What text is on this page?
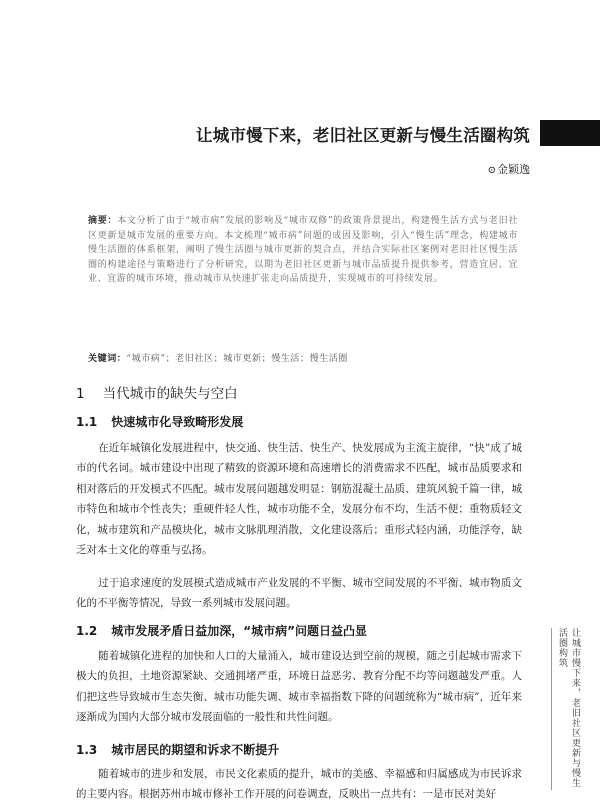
让城市慢下来，老旧社区更新与慢生活圈构筑
⊙金颖逸
摘要：本文分析了由于“城市病”发展的影响及“城市双修”的政策背景提出，构建慢生活方式与老旧社区更新是城市发展的重要方向。本文梳理“城市病”问题的成因及影响，引入“慢生活”理念，构建城市慢生活圈的体系框架，阐明了慢生活圈与城市更新的契合点，并结合实际社区案例对老旧社区慢生活圈的构建途径与策略进行了分析研究，以期为老旧社区更新与城市品质提升提供参考，营造宜居、宜业、宜游的城市环境，推动城市从快速扩张走向品质提升，实现城市的可持续发展。
关键词：“城市病”；老旧社区；城市更新；慢生活；慢生活圈
1 当代城市的缺失与空白
1.1 快速城市化导致畸形发展
在近年城镇化发展进程中，快交通、快生活、快生产、快发展成为主流主旋律，“快”成了城市的代名词。城市建设中出现了精致的资源环境和高速增长的消费需求不匹配，城市品质要求和相对落后的开发模式不匹配。城市发展问题越发明显：钢筋混凝土品质、建筑风貌千篇一律，城市特色和城市个性丧失；重硬件轻人性，城市功能不全，发展分布不均，生活不便；重物质轻文化，城市建筑和产品模块化，城市文脉肌理消散，文化建设落后；重形式轻内涵，功能浮夸，缺乏对本土文化的尊重与弘扬。
过于追求速度的发展模式造成城市产业发展的不平衡、城市空间发展的不平衡、城市物质文化的不平衡等情况，导致一系列城市发展问题。
1.2 城市发展矛盾日益加深，“城市病”问题日益凸显
随着城镇化进程的加快和人口的大量涌入，城市建设达到空前的规模，随之引起城市需求下极大的负担，土地资源紧缺、交通拥堵严重，环境日益恶劣、教育分配不均等问题越发严重。人们把这些导致城市生态失衡、城市功能失调、城市幸福指数下降的问题统称为“城市病”，近年来逐渐成为国内大部分城市发展面临的一般性和共性问题。
1.3 城市居民的期望和诉求不断提升
随着城市的进步和发展，市民文化素质的提升，城市的美感、幸福感和归属感成为市民诉求的主要内容。根据苏州市城市修补工作开展的问卷调查，反映出一点共有：一是市民对美好
让城市慢下来，老旧社区更新与慢生活圈构筑
